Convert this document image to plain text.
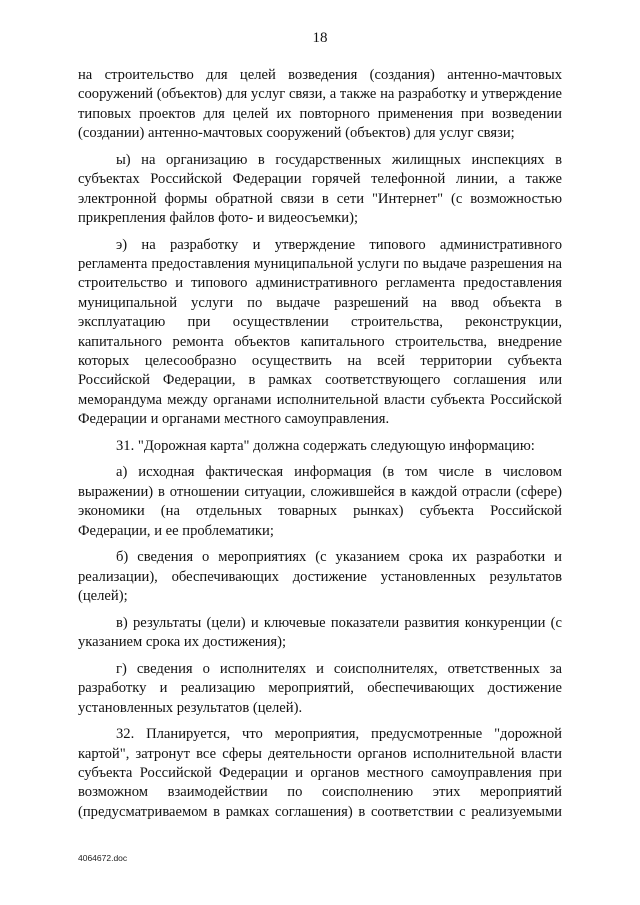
18

на строительство для целей возведения (создания) антенно-мачтовых сооружений (объектов) для услуг связи, а также на разработку и утверждение типовых проектов для целей их повторного применения при возведении (создании) антенно-мачтовых сооружений (объектов) для услуг связи;

ы) на организацию в государственных жилищных инспекциях в субъектах Российской Федерации горячей телефонной линии, а также электронной формы обратной связи в сети "Интернет" (с возможностью прикрепления файлов фото- и видеосъемки);

э) на разработку и утверждение типового административного регламента предоставления муниципальной услуги по выдаче разрешения на строительство и типового административного регламента предоставления муниципальной услуги по выдаче разрешений на ввод объекта в эксплуатацию при осуществлении строительства, реконструкции, капитального ремонта объектов капитального строительства, внедрение которых целесообразно осуществить на всей территории субъекта Российской Федерации, в рамках соответствующего соглашения или меморандума между органами исполнительной власти субъекта Российской Федерации и органами местного самоуправления.

31. "Дорожная карта" должна содержать следующую информацию:

а) исходная фактическая информация (в том числе в числовом выражении) в отношении ситуации, сложившейся в каждой отрасли (сфере) экономики (на отдельных товарных рынках) субъекта Российской Федерации, и ее проблематики;

б) сведения о мероприятиях (с указанием срока их разработки и реализации), обеспечивающих достижение установленных результатов (целей);

в) результаты (цели) и ключевые показатели развития конкуренции (с указанием срока их достижения);

г) сведения о исполнителях и соисполнителях, ответственных за разработку и реализацию мероприятий, обеспечивающих достижение установленных результатов (целей).

32. Планируется, что мероприятия, предусмотренные "дорожной картой", затронут все сферы деятельности органов исполнительной власти субъекта Российской Федерации и органов местного самоуправления при возможном взаимодействии по соисполнению этих мероприятий (предусматриваемом в рамках соглашения) в соответствии с реализуемыми

4064672.doc
